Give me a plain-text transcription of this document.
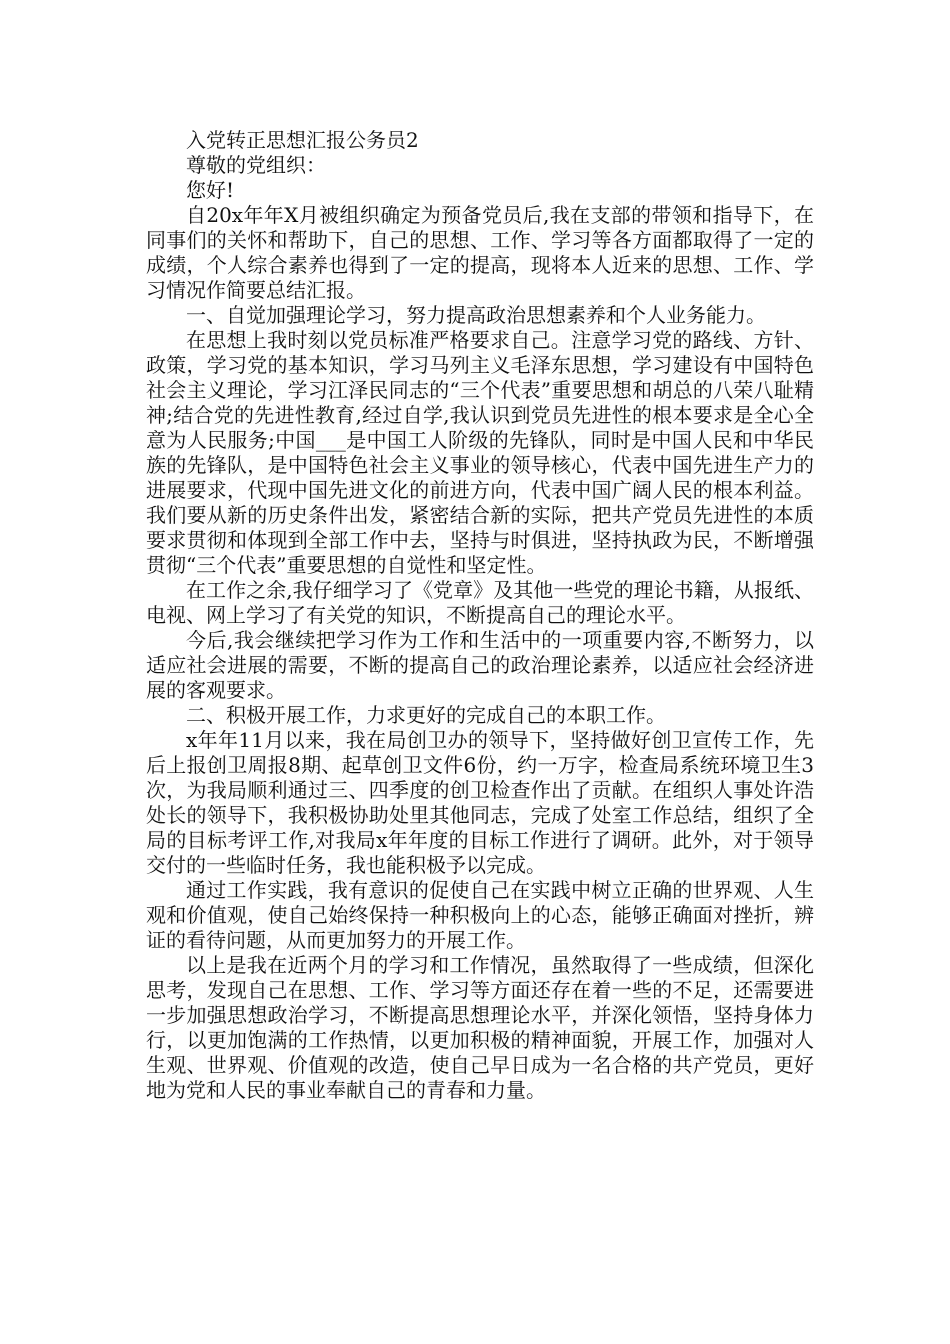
入党转正思想汇报公务员2

尊敬的党组织：

您好!

自20x年年X月被组织确定为预备党员后,我在支部的带领和指导下，在同事们的关怀和帮助下，自己的思想、工作、学习等各方面都取得了一定的成绩，个人综合素养也得到了一定的提高，现将本人近来的思想、工作、学习情况作简要总结汇报。

一、自觉加强理论学习，努力提高政治思想素养和个人业务能力。

在思想上我时刻以党员标准严格要求自己。注意学习党的路线、方针、政策，学习党的基本知识，学习马列主义毛泽东思想，学习建设有中国特色社会主义理论，学习江泽民同志的“三个代表”重要思想和胡总的八荣八耻精神;结合党的先进性教育,经过自学,我认识到党员先进性的根本要求是全心全意为人民服务;中国___是中国工人阶级的先锋队，同时是中国人民和中华民族的先锋队，是中国特色社会主义事业的领导核心，代表中国先进生产力的进展要求，代现中国先进文化的前进方向，代表中国广阔人民的根本利益。我们要从新的历史条件出发，紧密结合新的实际，把共产党员先进性的本质要求贯彻和体现到全部工作中去，坚持与时俱进，坚持执政为民，不断增强贯彻“三个代表”重要思想的自觉性和坚定性。

在工作之余,我仔细学习了《党章》及其他一些党的理论书籍，从报纸、电视、网上学习了有关党的知识，不断提高自己的理论水平。

今后,我会继续把学习作为工作和生活中的一项重要内容,不断努力，以适应社会进展的需要，不断的提高自己的政治理论素养，以适应社会经济进展的客观要求。

二、积极开展工作，力求更好的完成自己的本职工作。

x年年11月以来，我在局创卫办的领导下，坚持做好创卫宣传工作，先后上报创卫周报8期、起草创卫文件6份，约一万字，检查局系统环境卫生3次，为我局顺利通过三、四季度的创卫检查作出了贡献。在组织人事处许浩处长的领导下，我积极协助处里其他同志，完成了处室工作总结，组织了全局的目标考评工作,对我局x年年度的目标工作进行了调研。此外，对于领导交付的一些临时任务，我也能积极予以完成。

通过工作实践，我有意识的促使自己在实践中树立正确的世界观、人生观和价值观，使自己始终保持一种积极向上的心态，能够正确面对挫折，辨证的看待问题，从而更加努力的开展工作。

以上是我在近两个月的学习和工作情况，虽然取得了一些成绩，但深化思考，发现自己在思想、工作、学习等方面还存在着一些的不足，还需要进一步加强思想政治学习，不断提高思想理论水平，并深化领悟，坚持身体力行，以更加饱满的工作热情，以更加积极的精神面貌，开展工作，加强对人生观、世界观、价值观的改造，使自己早日成为一名合格的共产党员，更好地为党和人民的事业奉献自己的青春和力量。
